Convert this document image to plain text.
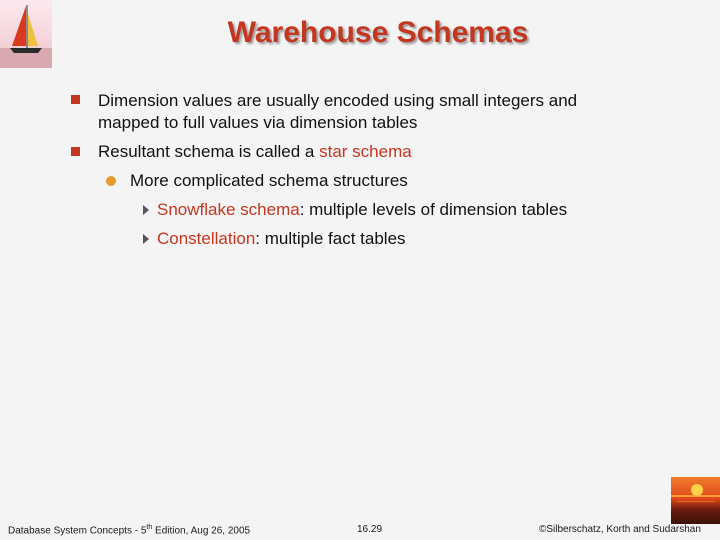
Warehouse Schemas
Dimension values are usually encoded using small integers and
mapped to full values via dimension tables
Resultant schema is called a star schema
More complicated schema structures
Snowflake schema: multiple levels of dimension tables
Constellation: multiple fact tables
Database System Concepts - 5th Edition, Aug 26, 2005	16.29	©Silberschatz, Korth and Sudarshan
